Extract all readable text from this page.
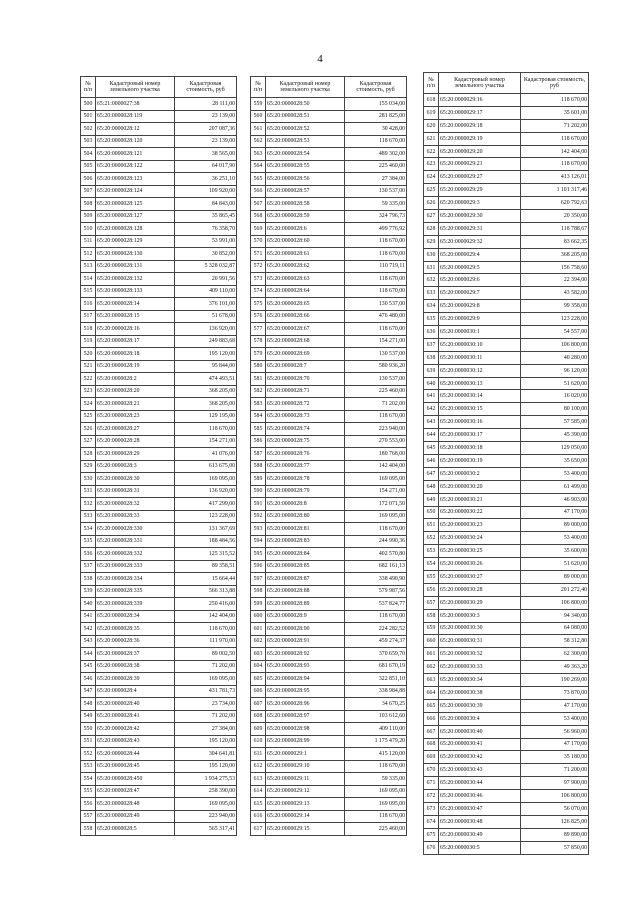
4
№ п/п	Кадастровый номер земельного участка	Кадастровая стоимость, руб
500	65:21:0000027:38	28 111,00
501	65:20:0000028:119	23 139,00
502	65:20:0000028:12	207 087,36
503	65:20:0000028:120	23 139,00
504	65:20:0000028:121	38 565,00
505	65:20:0000028:122	64 017,90
506	65:20:0000028:123	36 251,10
507	65:20:0000028:124	109 920,00
508	65:20:0000028:125	84 843,00
509	65:20:0000028:127	35 865,45
510	65:20:0000028:128	76 358,70
511	65:20:0000028:129	53 991,00
512	65:20:0000028:130	30 852,00
513	65:20:0000028:131	5 328 032,87
514	65:20:0000028:132	20 991,56
515	65:20:0000028:133	409 110,00
516	65:20:0000028:14	376 101,00
517	65:20:0000028:15	51 678,00
518	65:20:0000028:16	136 920,00
519	65:20:0000028:17	249 883,68
520	65:20:0000028:18	195 120,00
521	65:20:0000028:19	95 844,00
522	65:20:0000028:2	474 493,51
523	65:20:0000028:20	368 205,00
524	65:20:0000028:21	368 205,00
525	65:20:0000028:23	129 195,00
526	65:20:0000028:27	118 670,00
527	65:20:0000028:28	154 271,00
528	65:20:0000028:29	41 076,00
529	65:20:0000028:3	613 675,00
530	65:20:0000028:30	169 095,00
531	65:20:0000028:31	136 920,00
532	65:20:0000028:32	417 299,00
533	65:20:0000028:33	123 228,00
534	65:20:0000028:330	131 367,69
535	65:20:0000028:331	188 484,56
536	65:20:0000028:332	125 315,52
537	65:20:0000028:333	89 358,51
538	65:20:0000028:334	15 664,44
539	65:20:0000028:335	566 313,88
540	65:20:0000028:339	250 416,00
541	65:20:0000028:34	142 404,00
542	65:20:0000028:35	118 670,00
543	65:20:0000028:36	111 970,00
544	65:20:0000028:37	89 002,50
545	65:20:0000028:38	71 202,00
546	65:20:0000028:39	169 095,00
547	65:20:0000028:4	431 781,73
548	65:20:0000028:40	23 734,00
549	65:20:0000028:41	71 202,00
550	65:20:0000028:42	27 384,00
551	65:20:0000028:43	195 120,00
552	65:20:0000028:44	304 641,81
553	65:20:0000028:45	195 120,00
554	65:20:0000028:450	1 934 275,53
555	65:20:0000028:47	258 390,00
556	65:20:0000028:48	169 095,00
557	65:20:0000028:49	223 940,00
558	65:20:0000028:5	565 317,41
№ п/п	Кадастровый номер земельного участка	Кадастровая стоимость, руб
559	65:20:0000028:50	155 034,00
560	65:20:0000028:51	281 825,00
561	65:20:0000028:52	30 428,00
562	65:20:0000028:53	118 670,00
563	65:20:0000028:54	489 302,00
564	65:20:0000028:55	225 460,00
565	65:20:0000028:56	27 384,00
566	65:20:0000028:57	130 537,00
567	65:20:0000028:58	59 335,00
568	65:20:0000028:59	324 796,73
569	65:20:0000028:6	499 776,92
570	65:20:0000028:60	118 670,00
571	65:20:0000028:61	118 670,00
572	65:20:0000028:62	110 719,11
573	65:20:0000028:63	118 670,00
574	65:20:0000028:64	118 670,00
575	65:20:0000028:65	130 537,00
576	65:20:0000028:66	476 480,00
577	65:20:0000028:67	118 670,00
578	65:20:0000028:68	154 271,00
579	65:20:0000028:69	130 537,00
580	65:20:0000028:7	580 936,20
581	65:20:0000028:70	130 537,00
582	65:20:0000028:71	225 460,00
583	65:20:0000028:72	71 202,00
584	65:20:0000028:73	118 670,00
585	65:20:0000028:74	223 940,00
586	65:20:0000028:75	270 553,00
587	65:20:0000028:76	180 768,00
588	65:20:0000028:77	142 404,00
589	65:20:0000028:78	169 095,00
590	65:20:0000028:79	154 271,00
591	65:20:0000028:8	172 071,50
592	65:20:0000028:80	169 095,00
593	65:20:0000028:81	118 670,00
594	65:20:0000028:83	244 990,36
595	65:20:0000028:84	402 570,80
596	65:20:0000028:85	682 161,13
597	65:20:0000028:87	338 490,90
598	65:20:0000028:88	579 987,56
599	65:20:0000028:89	537 824,77
600	65:20:0000028:9	118 670,00
601	65:20:0000028:90	224 282,52
602	65:20:0000028:91	459 274,37
603	65:20:0000028:92	370 659,70
604	65:20:0000028:93	681 670,19
605	65:20:0000028:94	322 851,10
606	65:20:0000028:95	338 984,88
607	65:20:0000028:96	34 670,25
608	65:20:0000028:97	103 612,60
609	65:20:0000028:98	409 110,00
610	65:20:0000028:99	1 175 479,20
611	65:20:0000029:1	415 120,00
612	65:20:0000029:10	118 670,00
613	65:20:0000029:11	59 335,00
614	65:20:0000029:12	169 095,00
615	65:20:0000029:13	169 095,00
616	65:20:0000029:14	118 670,00
617	65:20:0000029:15	225 460,00
№ п/п	Кадастровый номер земельного участка	Кадастровая стоимость, руб
618	65:20:0000029:16	118 670,00
619	65:20:0000029:17	35 601,00
620	65:20:0000029:18	71 202,00
621	65:20:0000029:19	118 670,00
622	65:20:0000029:20	142 404,00
623	65:20:0000029:21	118 670,00
624	65:20:0000029:27	413 126,01
625	65:20:0000029:29	1 101 317,46
626	65:20:0000029:3	620 792,63
627	65:20:0000029:30	20 350,00
628	65:20:0000029:31	118 788,67
629	65:20:0000029:32	83 662,35
630	65:20:0000029:4	368 205,00
631	65:20:0000029:5	156 758,60
632	65:20:0000029:6	22 394,00
633	65:20:0000029:7	43 582,00
634	65:20:0000029:8	99 358,00
635	65:20:0000029:9	123 228,00
636	65:20:0000030:1	54 557,00
637	65:20:0000030:10	106 800,00
638	65:20:0000030:11	40 280,00
639	65:20:0000030:12	96 120,00
640	65:20:0000030:13	51 620,00
641	65:20:0000030:14	16 020,00
642	65:20:0000030:15	80 100,00
643	65:20:0000030:16	57 585,00
644	65:20:0000030:17	45 390,00
645	65:20:0000030:18	129 050,00
646	65:20:0000030:19	35 650,00
647	65:20:0000030:2	53 400,00
648	65:20:0000030:20	61 499,00
649	65:20:0000030:21	46 903,00
650	65:20:0000030:22	47 170,00
651	65:20:0000030:23	89 000,00
652	65:20:0000030:24	53 400,00
653	65:20:0000030:25	35 600,00
654	65:20:0000030:26	51 620,00
655	65:20:0000030:27	89 000,00
656	65:20:0000030:28	201 272,40
657	65:20:0000030:29	106 800,00
658	65:20:0000030:3	94 340,00
659	65:20:0000030:30	64 080,00
660	65:20:0000030:31	58 312,80
661	65:20:0000030:32	62 300,00
662	65:20:0000030:33	49 363,20
663	65:20:0000030:34	190 269,00
664	65:20:0000030:38	73 870,00
665	65:20:0000030:39	47 170,00
666	65:20:0000030:4	53 400,00
667	65:20:0000030:40	56 960,00
668	65:20:0000030:41	47 170,00
669	65:20:0000030:42	35 180,00
670	65:20:0000030:43	71 200,00
671	65:20:0000030:44	97 900,00
672	65:20:0000030:46	106 800,00
673	65:20:0000030:47	56 070,00
674	65:20:0000030:48	126 825,00
675	65:20:0000030:49	89 890,00
676	65:20:0000030:5	57 850,00
